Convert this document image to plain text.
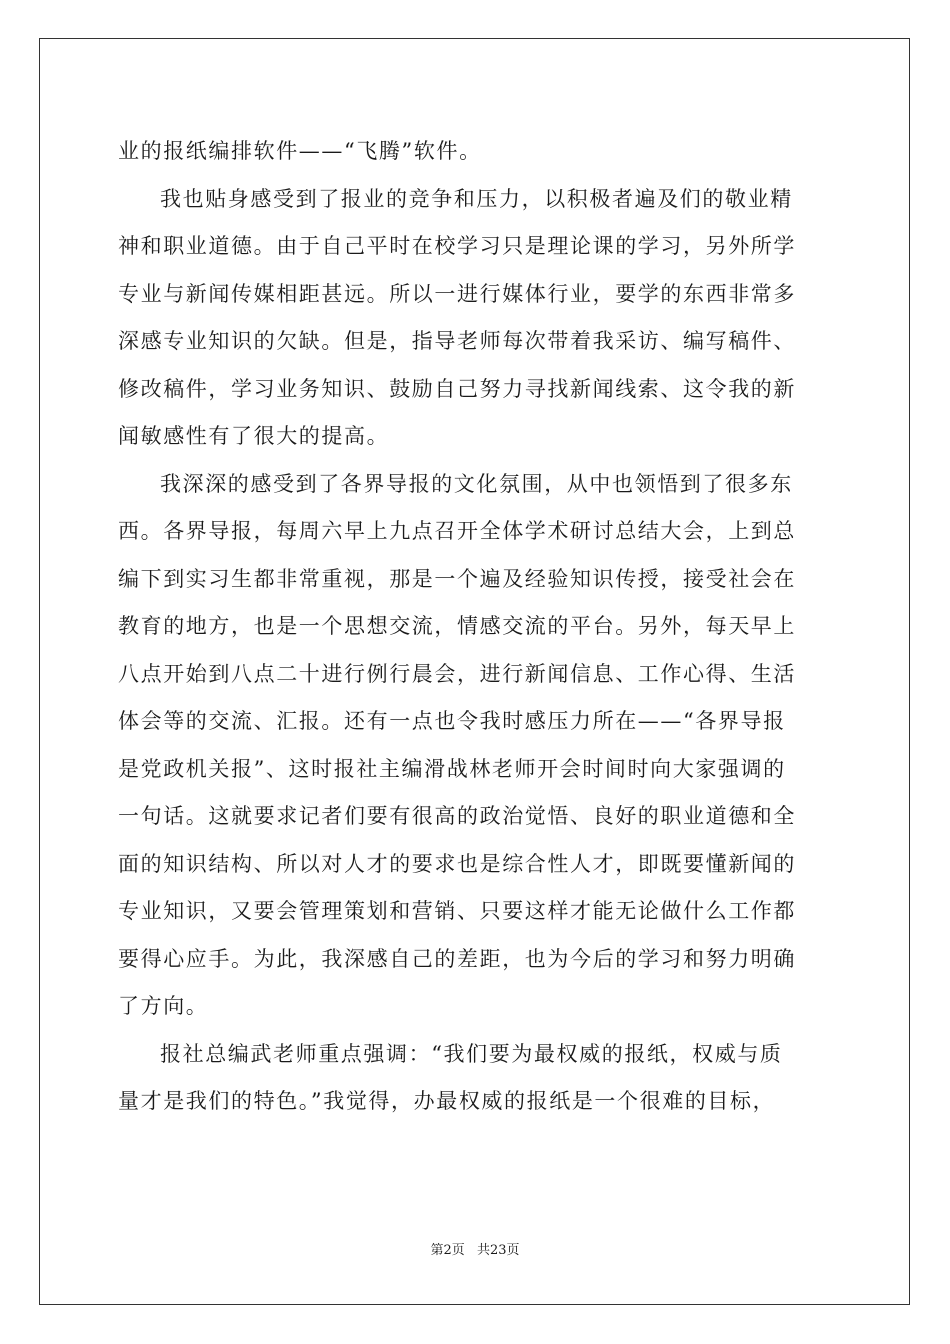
业的报纸编排软件——“飞腾”软件。
我也贴身感受到了报业的竞争和压力，以积极者遍及们的敬业精
神和职业道德。由于自己平时在校学习只是理论课的学习，另外所学
专业与新闻传媒相距甚远。所以一进行媒体行业，要学的东西非常多
深感专业知识的欠缺。但是，指导老师每次带着我采访、编写稿件、
修改稿件，学习业务知识、鼓励自己努力寻找新闻线索、这令我的新
闻敏感性有了很大的提高。
我深深的感受到了各界导报的文化氛围，从中也领悟到了很多东
西。各界导报，每周六早上九点召开全体学术研讨总结大会，上到总
编下到实习生都非常重视，那是一个遍及经验知识传授，接受社会在
教育的地方，也是一个思想交流，情感交流的平台。另外，每天早上
八点开始到八点二十进行例行晨会，进行新闻信息、工作心得、生活
体会等的交流、汇报。还有一点也令我时感压力所在——“各界导报
是党政机关报”、这时报社主编滑战林老师开会时间时向大家强调的
一句话。这就要求记者们要有很高的政治觉悟、良好的职业道德和全
面的知识结构、所以对人才的要求也是综合性人才，即既要懂新闻的
专业知识，又要会管理策划和营销、只要这样才能无论做什么工作都
要得心应手。为此，我深感自己的差距，也为今后的学习和努力明确
了方向。
报社总编武老师重点强调：“我们要为最权威的报纸，权威与质
量才是我们的特色。”我觉得，办最权威的报纸是一个很难的目标，
第2页 共23页
